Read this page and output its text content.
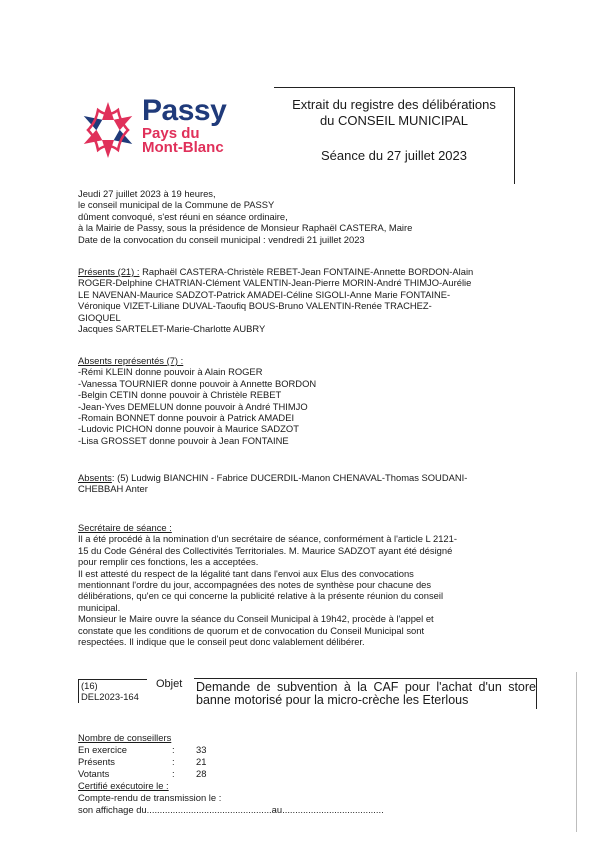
Passy
Pays du
Mont-Blanc
Extrait du registre des délibérations
du CONSEIL MUNICIPAL
Séance du 27 juillet 2023
Jeudi 27 juillet 2023 à 19 heures,
le conseil municipal de la Commune de PASSY
dûment convoqué, s'est réuni en séance ordinaire,
à la Mairie de Passy, sous la présidence de Monsieur Raphaël CASTERA, Maire
Date de la convocation du conseil municipal : vendredi 21 juillet 2023
Présents (21) : Raphaël CASTERA-Christèle REBET-Jean FONTAINE-Annette BORDON-Alain
ROGER-Delphine CHATRIAN-Clément VALENTIN-Jean-Pierre MORIN-André THIMJO-Aurélie
LE NAVENAN-Maurice SADZOT-Patrick AMADEI-Céline SIGOLI-Anne Marie FONTAINE-
Véronique VIZET-Liliane DUVAL-Taoufiq BOUS-Bruno VALENTIN-Renée TRACHEZ-
GIOQUEL
Jacques SARTELET-Marie-Charlotte AUBRY
Absents représentés (7) :
-Rémi KLEIN donne pouvoir à Alain ROGER
-Vanessa TOURNIER donne pouvoir à Annette BORDON
-Belgin CETIN donne pouvoir à Christèle REBET
-Jean-Yves DEMELUN donne pouvoir à André THIMJO
-Romain BONNET donne pouvoir à Patrick AMADEI
-Ludovic PICHON donne pouvoir à Maurice SADZOT
-Lisa GROSSET donne pouvoir à Jean FONTAINE
Absents: (5) Ludwig BIANCHIN - Fabrice DUCERDIL-Manon CHENAVAL-Thomas SOUDANI-
CHEBBAH Anter
Secrétaire de séance :
Il a été procédé à la nomination d'un secrétaire de séance, conformément à l'article L 2121-
15 du Code Général des Collectivités Territoriales. M. Maurice SADZOT ayant été désigné
pour remplir ces fonctions, les a acceptées.
Il est attesté du respect de la légalité tant dans l'envoi aux Elus des convocations
mentionnant l'ordre du jour, accompagnées des notes de synthèse pour chacune des
délibérations, qu'en ce qui concerne la publicité relative à la présente réunion du conseil
municipal.
Monsieur le Maire ouvre la séance du Conseil Municipal à 19h42, procède à l'appel et
constate que les conditions de quorum et de convocation du Conseil Municipal sont
respectées. Il indique que le conseil peut donc valablement délibérer.
(16)
DEL2023-164
Objet Demande de subvention à la CAF pour l'achat d'un store banne motorisé pour la micro-crèche les Eterlous
Nombre de conseillers
En exercice	: 33
Présents	: 21
Votants	: 28
Certifié exécutoire le :
Compte-rendu de transmission le :
son affichage du................................................au.......................................
